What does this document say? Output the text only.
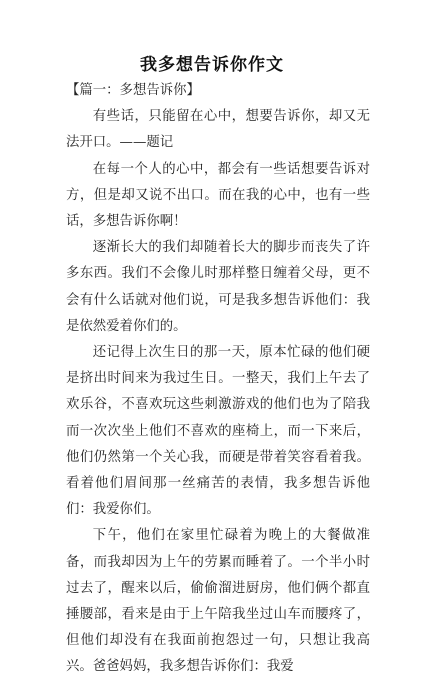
我多想告诉你作文

【篇一：多想告诉你】

有些话，只能留在心中，想要告诉你，却又无法开口。——题记

在每一个人的心中，都会有一些话想要告诉对方，但是却又说不出口。而在我的心中，也有一些话，多想告诉你啊！

逐渐长大的我们却随着长大的脚步而丧失了许多东西。我们不会像儿时那样整日缠着父母，更不会有什么话就对他们说，可是我多想告诉他们：我是依然爱着你们的。

还记得上次生日的那一天，原本忙碌的他们硬是挤出时间来为我过生日。一整天，我们上午去了欢乐谷，不喜欢玩这些刺激游戏的他们也为了陪我而一次次坐上他们不喜欢的座椅上，而一下来后，他们仍然第一个关心我，而硬是带着笑容看着我。看着他们眉间那一丝痛苦的表情，我多想告诉他们：我爱你们。

下午，他们在家里忙碌着为晚上的大餐做准备，而我却因为上午的劳累而睡着了。一个半小时过去了，醒来以后，偷偷溜进厨房，他们俩个都直捶腰部，看来是由于上午陪我坐过山车而腰疼了，但他们却没有在我面前抱怨过一句，只想让我高兴。爸爸妈妈，我多想告诉你们：我爱
